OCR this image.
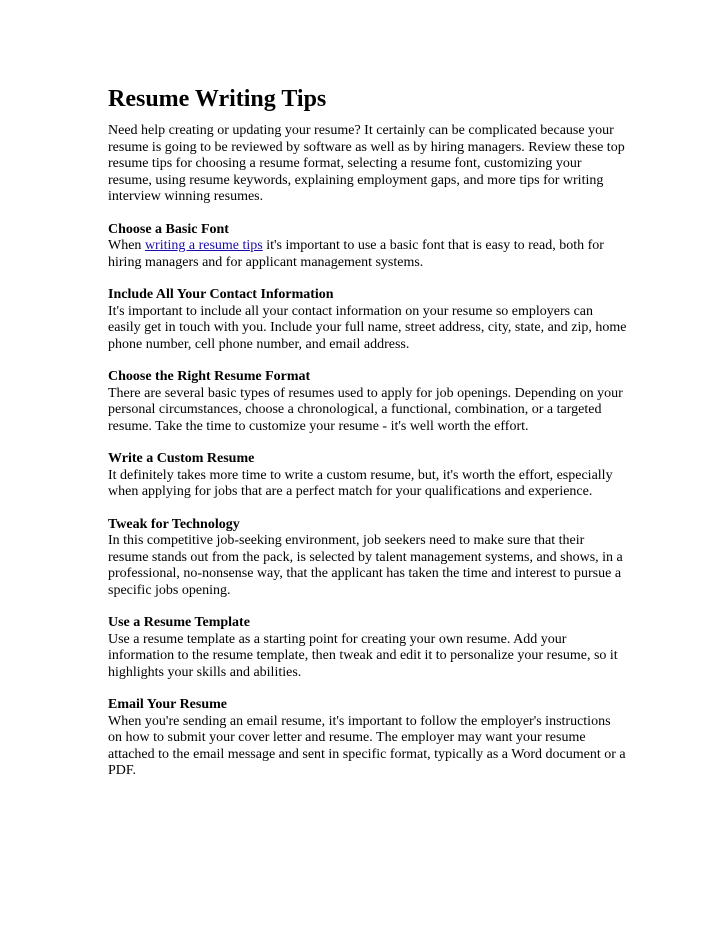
Resume Writing Tips

Need help creating or updating your resume? It certainly can be complicated because your resume is going to be reviewed by software as well as by hiring managers. Review these top resume tips for choosing a resume format, selecting a resume font, customizing your resume, using resume keywords, explaining employment gaps, and more tips for writing interview winning resumes.

Choose a Basic Font
When writing a resume tips it's important to use a basic font that is easy to read, both for hiring managers and for applicant management systems.
Include All Your Contact Information
It's important to include all your contact information on your resume so employers can easily get in touch with you. Include your full name, street address, city, state, and zip, home phone number, cell phone number, and email address.
Choose the Right Resume Format
There are several basic types of resumes used to apply for job openings. Depending on your personal circumstances, choose a chronological, a functional, combination, or a targeted resume. Take the time to customize your resume - it's well worth the effort.
Write a Custom Resume
It definitely takes more time to write a custom resume, but, it's worth the effort, especially when applying for jobs that are a perfect match for your qualifications and experience.
Tweak for Technology
In this competitive job-seeking environment, job seekers need to make sure that their resume stands out from the pack, is selected by talent management systems, and shows, in a professional, no-nonsense way, that the applicant has taken the time and interest to pursue a specific jobs opening.
Use a Resume Template
Use a resume template as a starting point for creating your own resume. Add your information to the resume template, then tweak and edit it to personalize your resume, so it highlights your skills and abilities.
Email Your Resume
When you're sending an email resume, it's important to follow the employer's instructions on how to submit your cover letter and resume. The employer may want your resume attached to the email message and sent in specific format, typically as a Word document or a PDF.
